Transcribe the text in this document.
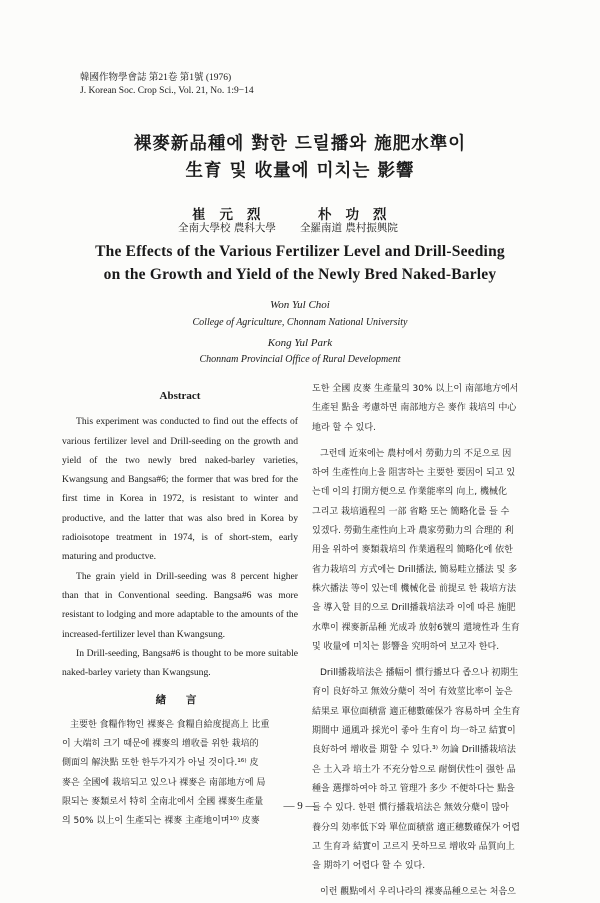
韓國作物學會誌 第21卷 第1號 (1976)
J. Korean Soc. Crop Sci., Vol. 21, No. 1:9−14
裸麥新品種에 對한 드릴播와 施肥水準이
生育 및 收量에 미치는 影響
崔元烈	朴功烈
全南大學校 農科大學 全羅南道 農村振興院
The Effects of the Various Fertilizer Level and Drill-Seeding
on the Growth and Yield of the Newly Bred Naked-Barley
Won Yul Choi
College of Agriculture, Chonnam National University
Kong Yul Park
Chonnam Provincial Office of Rural Development
Abstract

This experiment was conducted to find out the effects of various fertilizer level and Drill-seeding on the growth and yield of the two newly bred naked-barley varieties, Kwangsung and Bangsa#6; the former that was bred for the first time in Korea in 1972, is resistant to winter and productive, and the latter that was also bred in Korea by radioisotope treatment in 1974, is of short-stem, early maturing and productve.

The grain yield in Drill-seeding was 8 percent higher than that in Conventional seeding. Bangsa#6 was more resistant to lodging and more adaptable to the amounts of the increased-fertilizer level than Kwangsung.

In Drill-seeding, Bangsa#6 is thought to be more suitable naked-barley variety than Kwangsung.

緖 言
主要한 食糧作物인 裸麥은 食糧自給度提高上 比重
이 大端히 크기 때문에 裸麥의 增收를 위한 栽培的
側面의 解決點 또한 한두가지가 아닐 것이다.¹⁶⁾ 皮
麥은 全國에 栽培되고 있으나 裸麥은 南部地方에 局
限되는 麥類로서 特히 全南北에서 全國 裸麥生產量
의 50% 以上이 生產되는 裸麥 主產地이며¹⁰⁾ 皮麥
도한 全國 皮麥 生產量의 30% 以上이 南部地方에서
生產된 點을 考慮하면 南部地方은 麥作 栽培의 中心
地라 할 수 있다.
그런데 近來에는 農村에서 勞動力의 不足으로 因
하여 生產性向上을 阻害하는 主要한 要因이 되고 있
는데 이의 打開方便으로 作業能率의 向上, 機械化
그리고 栽培過程의 一部 省略 또는 簡略化를 들 수
있겠다. 勞動生產性向上과 農家勞動力의 合理的 利
用을 위하여 麥類栽培의 作業過程의 簡略化에 依한
省力栽培의 方式에는 Drill播法, 簡易畦立播法 및 多
株穴播法 等이 있는데 機械化를 前提로 한 栽培方法
을 導入할 目的으로 Drill播栽培法과 이에 따른 施肥
水準이 裸麥新品種 光成과 放射6號의 還境性과 生育
및 收量에 미치는 影響을 究明하여 보고자 한다.
Drill播栽培法은 播幅이 慣行播보다 좁으나 初期生
育이 良好하고 無效分蘖이 적어 有效莖比率이 높은
結果로 單位面積當 適正穗數確保가 容易하며 全生育
期間中 通風과 採光이 좋아 生育이 均一하고 結實이
良好하여 增收를 期할 수 있다.³⁾ 勿論 Drill播栽培法
은 土入과 培土가 不充分함으로 耐倒伏性이 强한 品
種을 選擇하여야 하고 管理가 多少 不便하다는 點을
들 수 있다. 한편 慣行播栽培法은 無效分蘖이 많아
養分의 効率低下와 單位面積當 適正穗數確保가 어렵
고 生育과 結實이 고르지 못하므로 增收와 品質向上
을 期하기 어렵다 할 수 있다.
이런 觀點에서 우리나라의 裸麥品種으로는 처음으
— 9 —
